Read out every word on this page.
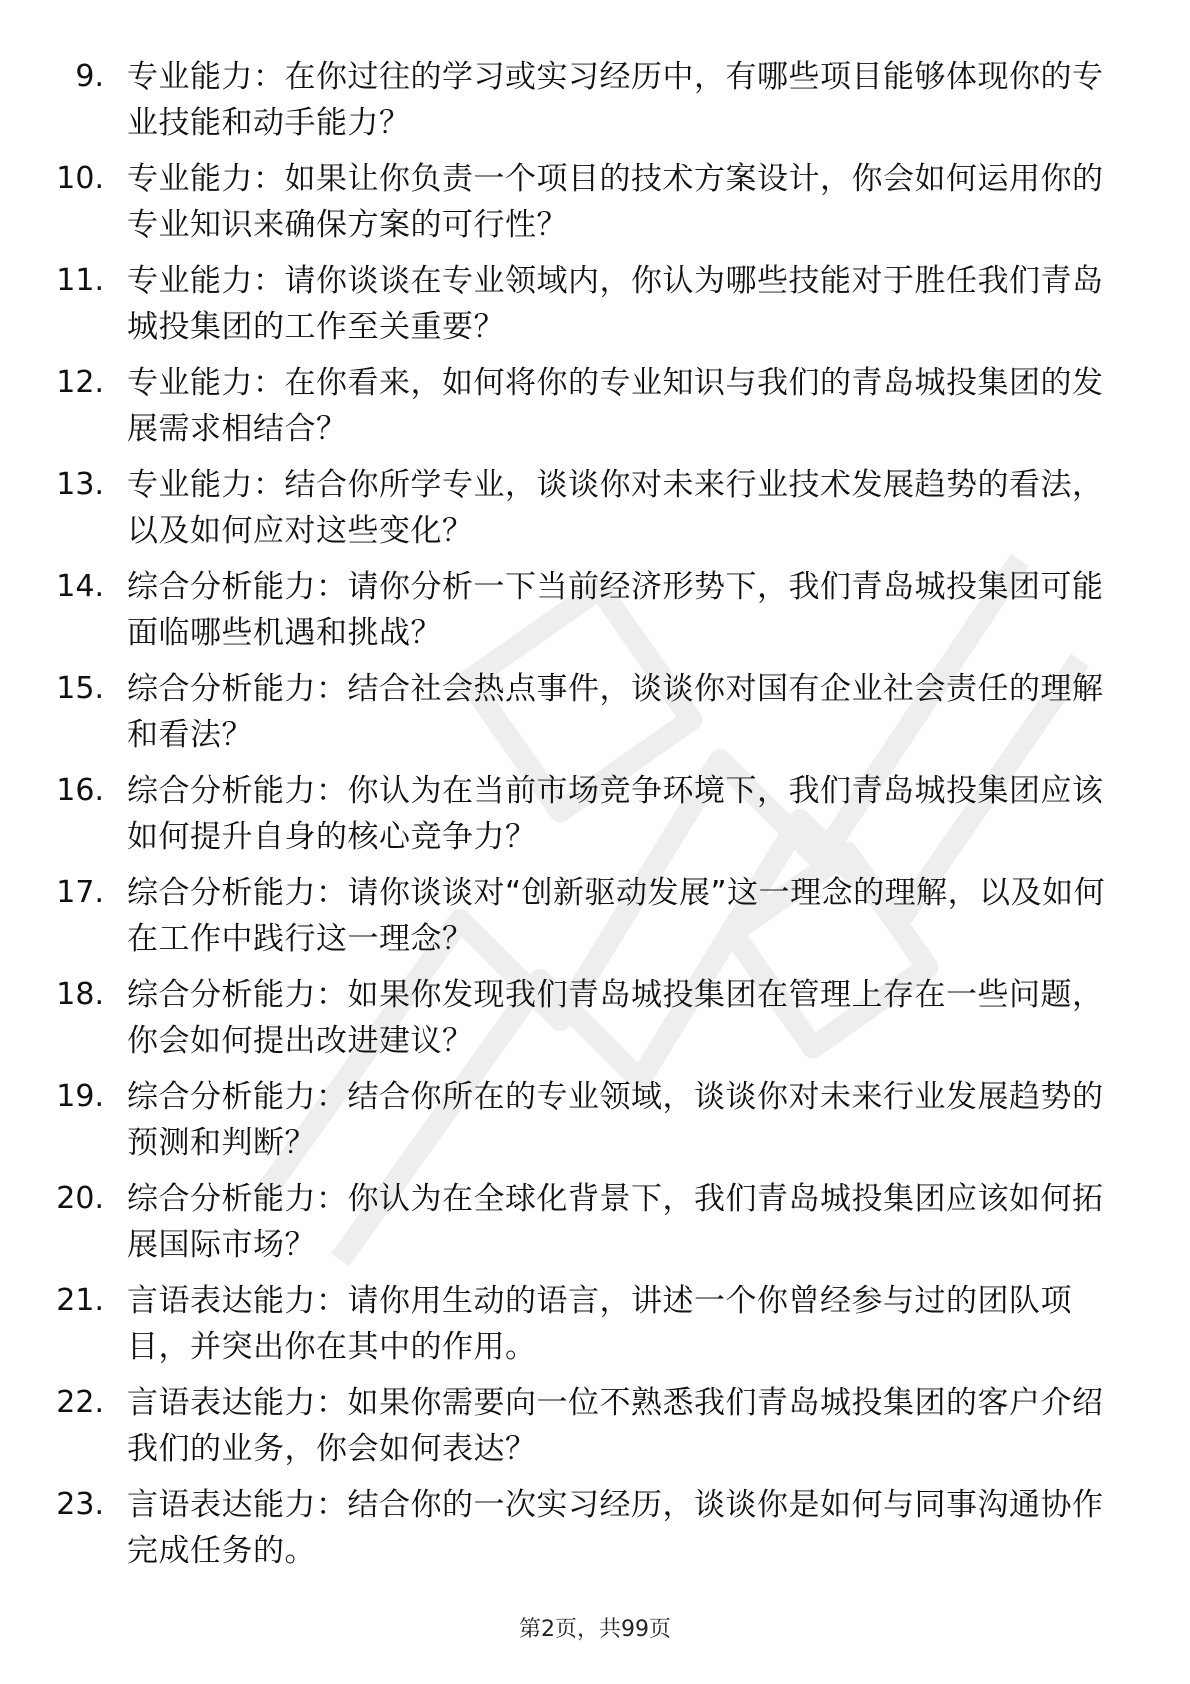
9. 专业能力：在你过往的学习或实习经历中，有哪些项目能够体现你的专业技能和动手能力？
10. 专业能力：如果让你负责一个项目的技术方案设计，你会如何运用你的专业知识来确保方案的可行性？
11. 专业能力：请你谈谈在专业领域内，你认为哪些技能对于胜任我们青岛城投集团的工作至关重要？
12. 专业能力：在你看来，如何将你的专业知识与我们的青岛城投集团的发展需求相结合？
13. 专业能力：结合你所学专业，谈谈你对未来行业技术发展趋势的看法，以及如何应对这些变化？
14. 综合分析能力：请你分析一下当前经济形势下，我们青岛城投集团可能面临哪些机遇和挑战？
15. 综合分析能力：结合社会热点事件，谈谈你对国有企业社会责任的理解和看法？
16. 综合分析能力：你认为在当前市场竞争环境下，我们青岛城投集团应该如何提升自身的核心竞争力？
17. 综合分析能力：请你谈谈对“创新驱动发展”这一理念的理解，以及如何在工作中践行这一理念？
18. 综合分析能力：如果你发现我们青岛城投集团在管理上存在一些问题，你会如何提出改进建议？
19. 综合分析能力：结合你所在的专业领域，谈谈你对未来行业发展趋势的预测和判断？
20. 综合分析能力：你认为在全球化背景下，我们青岛城投集团应该如何拓展国际市场？
21. 言语表达能力：请你用生动的语言，讲述一个你曾经参与过的团队项目，并突出你在其中的作用。
22. 言语表达能力：如果你需要向一位不熟悉我们青岛城投集团的客户介绍我们的业务，你会如何表达？
23. 言语表达能力：结合你的一次实习经历，谈谈你是如何与同事沟通协作完成任务的。
第2页，共99页
